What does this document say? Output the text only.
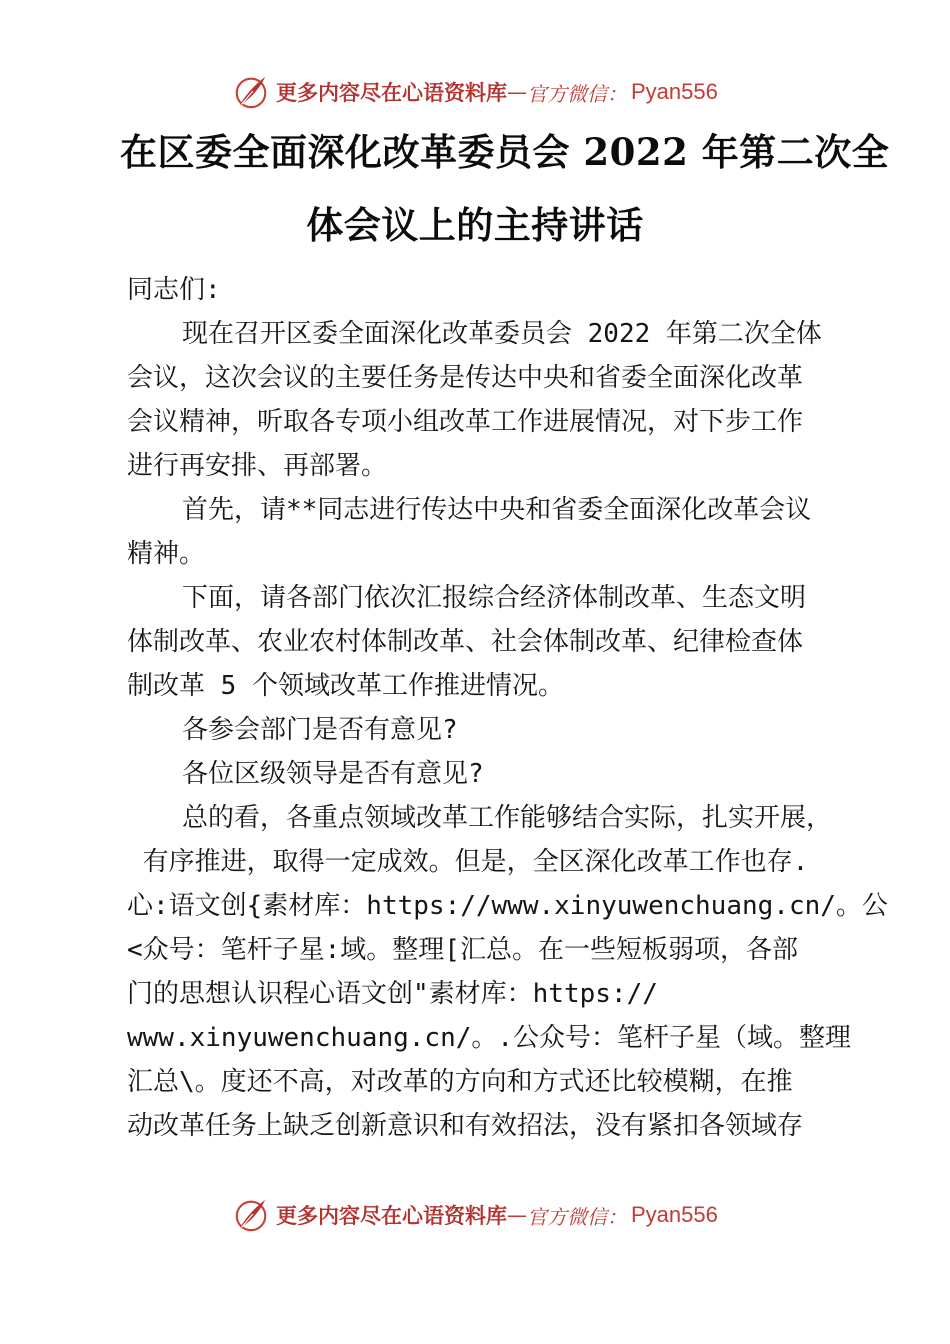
更多内容尽在心语资料库 — 官方微信： Pyan556
在区委全面深化改革委员会 2022 年第二次全
体会议上的主持讲话
同志们:
现在召开区委全面深化改革委员会 2022 年第二次全体
会议，这次会议的主要任务是传达中央和省委全面深化改革
会议精神，听取各专项小组改革工作进展情况，对下步工作
进行再安排、再部署。
首先，请**同志进行传达中央和省委全面深化改革会议
精神。
下面，请各部门依次汇报综合经济体制改革、生态文明
体制改革、农业农村体制改革、社会体制改革、纪律检查体
制改革 5 个领域改革工作推进情况。
各参会部门是否有意见?
各位区级领导是否有意见?
总的看，各重点领域改革工作能够结合实际，扎实开展，
有序推进，取得一定成效。但是，全区深化改革工作也存.
心:语文创{素材库：https://www.xinyuwenchuang.cn/。公
<众号：笔杆子星:域。整理[汇总。在一些短板弱项，各部
门的思想认识程心语文创"素材库：https://
www.xinyuwenchuang.cn/。.公众号：笔杆子星（域。整理
汇总\。度还不高，对改革的方向和方式还比较模糊，在推
动改革任务上缺乏创新意识和有效招法，没有紧扣各领域存
更多内容尽在心语资料库 — 官方微信： Pyan556
